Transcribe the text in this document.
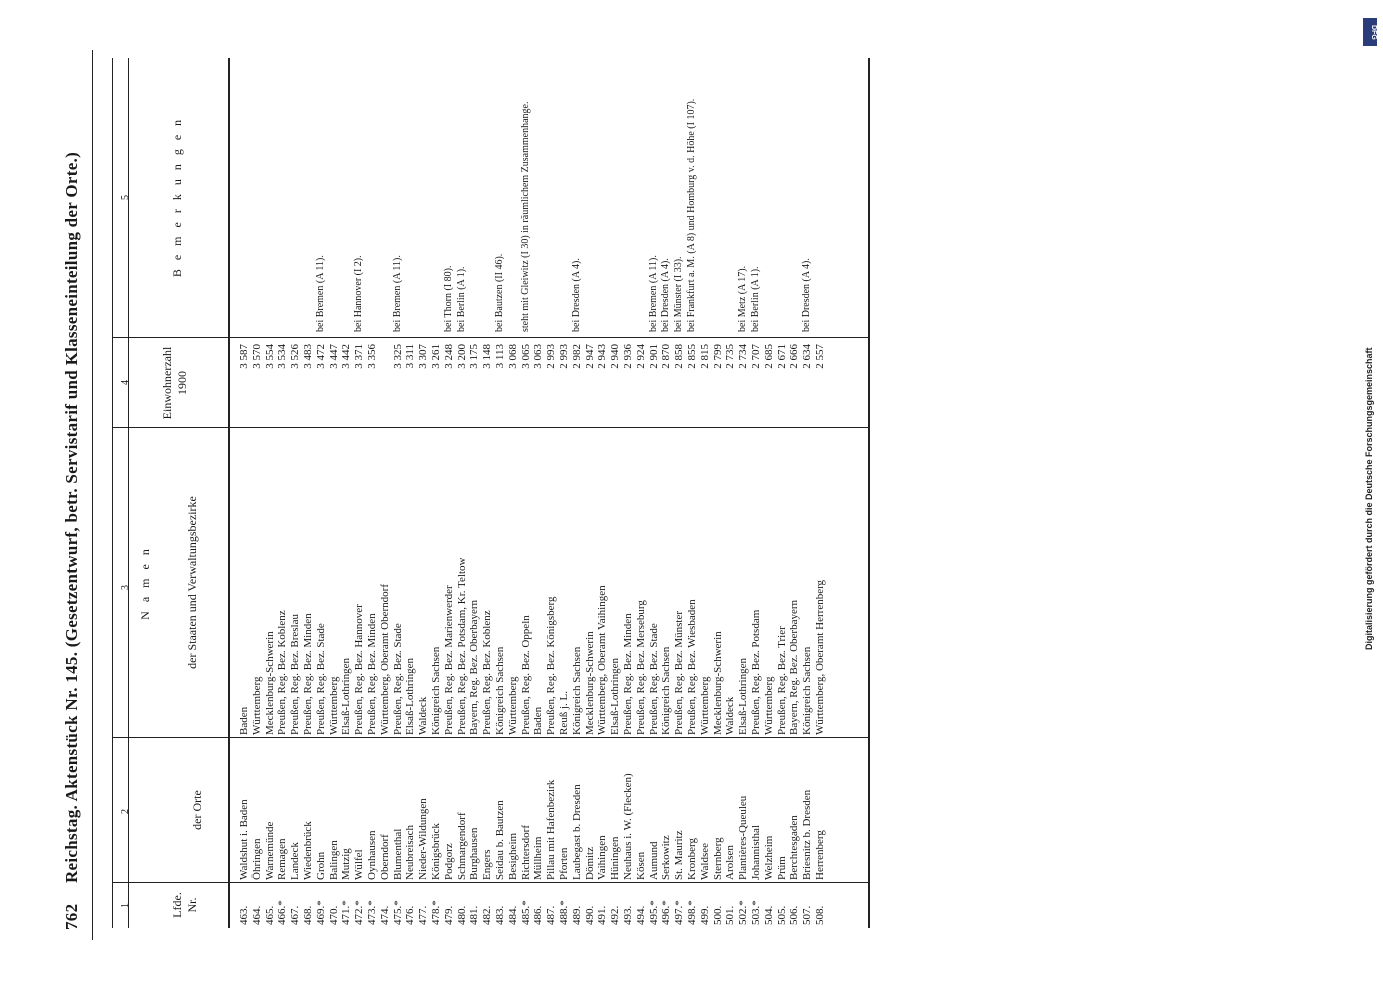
762 Reichstag. Aktenstück Nr. 145. (Gesetzentwurf, betr. Servistarif und Klasseneinteilung der Orte.)
1
2
3
4
5
Lfde. Nr.
N a m e n
der Orte
der Staaten und Verwaltungsbezirke
Einwohnerzahl 1900
B e m e r k u n g e n
463.
Waldshut i. Baden
Baden
3 587
464.
Öhringen
Württemberg
3 570
465.
Warnemünde
Mecklenburg-Schwerin
3 554
466.*
Remagen
Preußen, Reg. Bez. Koblenz
3 534
467.
Landeck
Preußen, Reg. Bez. Breslau
3 526
468.
Wiedenbrück
Preußen, Reg. Bez. Minden
3 483
469.*
Grohn
Preußen, Reg. Bez. Stade
3 472
bei Bremen (A 11).
470.
Balingen
Württemberg
3 447
471.*
Mutzig
Elsaß-Lothringen
3 442
472.*
Wülfel
Preußen, Reg. Bez. Hannover
3 371
bei Hannover (I 2).
473.*
Oynhausen
Preußen, Reg. Bez. Minden
3 356
474.
Oberndorf
Württemberg, Oberamt Oberndorf
475.*
Blumenthal
Preußen, Reg. Bez. Stade
3 325
bei Bremen (A 11).
476.
Neubreisach
Elsaß-Lothringen
3 311
477.
Nieder-Wildungen
Waldeck
3 307
478.*
Königsbrück
Königreich Sachsen
3 261
479.
Podgorz
Preußen, Reg. Bez. Marienwerder
3 248
bei Thorn (I 80).
480.
Schmargendorf
Preußen, Reg. Bez. Potsdam, Kr. Teltow
3 200
bei Berlin (A 1).
481.
Burghausen
Bayern, Reg. Bez. Oberbayern
3 175
482.
Engers
Preußen, Reg. Bez. Koblenz
3 148
483.
Seidau b. Bautzen
Königreich Sachsen
3 113
bei Bautzen (II 46).
484.
Besigheim
Württemberg
3 068
485.*
Richtersdorf
Preußen, Reg. Bez. Oppeln
3 065
steht mit Gleiwitz (I 30) in räumlichem Zusammenhange.
486.
Müllheim
Baden
3 063
487.
Pillau mit Hafenbezirk
Preußen, Reg. Bez. Königsberg
2 993
488.*
Pforten
Reuß j. L.
2 993
489.
Laubegast b. Dresden
Königreich Sachsen
2 982
bei Dresden (A 4).
490.
Dömitz
Mecklenburg-Schwerin
2 947
491.
Vaihingen
Württemberg, Oberamt Vaihingen
2 943
492.
Hüningen
Elsaß-Lothringen
2 940
493.
Neuhaus i. W. (Flecken)
Preußen, Reg. Bez. Minden
2 936
494.
Kösen
Preußen, Reg. Bez. Merseburg
2 924
495.*
Aumund
Preußen, Reg. Bez. Stade
2 901
bei Bremen (A 11).
496.*
Serkowitz
Königreich Sachsen
2 870
bei Dresden (A 4).
497.*
St. Mauritz
Preußen, Reg. Bez. Münster
2 858
bei Münster (I 33).
498.*
Kronberg
Preußen, Reg. Bez. Wiesbaden
2 855
bei Frankfurt a. M. (A 8) und Homburg v. d. Höhe (I 107).
499.
Waldsee
Württemberg
2 815
500.
Sternberg
Mecklenburg-Schwerin
2 799
501.
Arolsen
Waldeck
2 735
502.*
Plantières-Queuleu
Elsaß-Lothringen
2 734
bei Metz (A 17).
503.*
Johannisthal
Preußen, Reg. Bez. Potsdam
2 707
bei Berlin (A 1).
504.
Welzheim
Württemberg
2 685
505.
Prüm
Preußen, Reg. Bez. Trier
2 671
506.
Berchtesgaden
Bayern, Reg. Bez. Oberbayern
2 666
507.
Briesnitz b. Dresden
Königreich Sachsen
2 634
bei Dresden (A 4).
508.
Herrenberg
Württemberg, Oberamt Herrenberg
2 557
DFG
Digitalisierung gefördert durch die Deutsche Forschungsgemeinschaft
